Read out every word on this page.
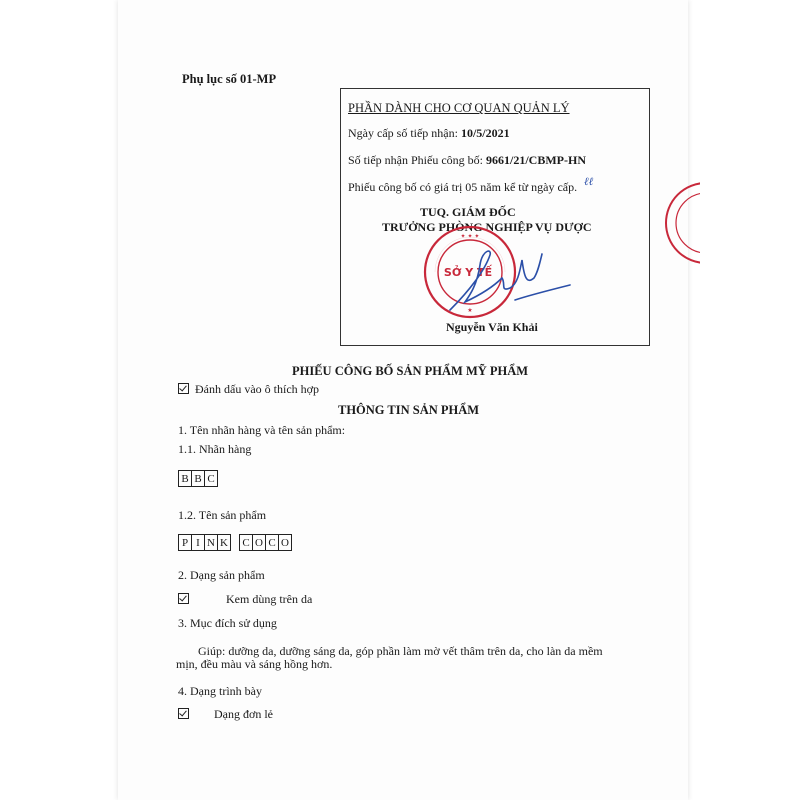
Phụ lục số 01-MP
PHẦN DÀNH CHO CƠ QUAN QUẢN LÝ
Ngày cấp số tiếp nhận: 10/5/2021
Số tiếp nhận Phiếu công bố: 9661/21/CBMP-HN
Phiếu công bố có giá trị 05 năm kể từ ngày cấp. ℓℓ
TUQ. GIÁM ĐỐC
TRƯỞNG PHÒNG NGHIỆP VỤ DƯỢC
✦ ✦ ✦
★
SỞ Y TẾ
Nguyễn Văn Khải
PHIẾU CÔNG BỐ SẢN PHẨM MỸ PHẨM
Đánh dấu vào ô thích hợp
THÔNG TIN SẢN PHẨM
1. Tên nhãn hàng và tên sản phẩm:
1.1. Nhãn hàng
B B C
1.2. Tên sản phẩm
P I N K	C O C O
2. Dạng sản phẩm
Kem dùng trên da
3. Mục đích sử dụng
Giúp: dưỡng da, dưỡng sáng da, góp phần làm mờ vết thâm trên da, cho làn da mềm
mịn, đều màu và sáng hồng hơn.
4. Dạng trình bày
Dạng đơn lẻ
